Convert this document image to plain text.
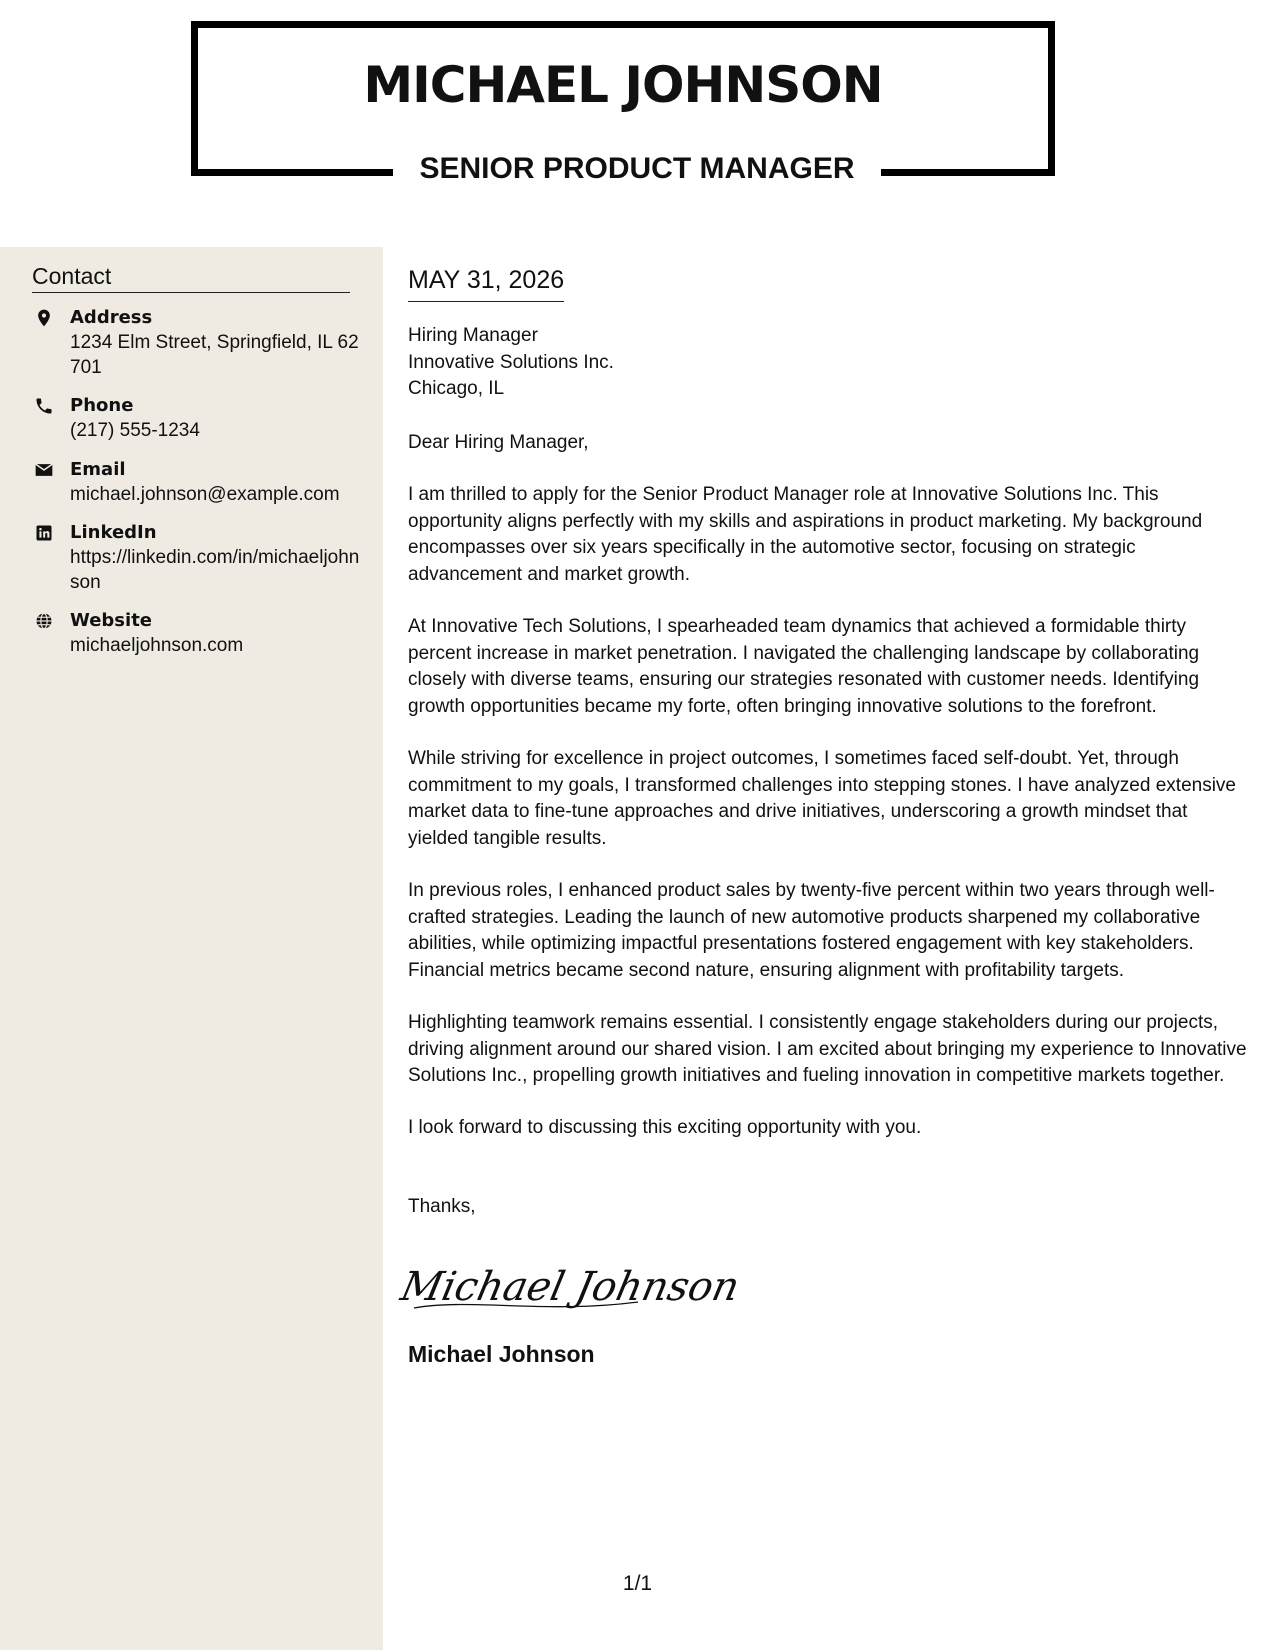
MICHAEL JOHNSON
SENIOR PRODUCT MANAGER
Contact
Address
1234 Elm Street, Springfield, IL 62701
Phone
(217) 555-1234
Email
michael.johnson@example.com
LinkedIn
https://linkedin.com/in/michaeljohnson
Website
michaeljohnson.com
MAY 31, 2026
Hiring Manager
Innovative Solutions Inc.
Chicago, IL
Dear Hiring Manager,

I am thrilled to apply for the Senior Product Manager role at Innovative Solutions Inc. This opportunity aligns perfectly with my skills and aspirations in product marketing. My background encompasses over six years specifically in the automotive sector, focusing on strategic advancement and market growth.

At Innovative Tech Solutions, I spearheaded team dynamics that achieved a formidable thirty percent increase in market penetration. I navigated the challenging landscape by collaborating closely with diverse teams, ensuring our strategies resonated with customer needs. Identifying growth opportunities became my forte, often bringing innovative solutions to the forefront.

While striving for excellence in project outcomes, I sometimes faced self-doubt. Yet, through commitment to my goals, I transformed challenges into stepping stones. I have analyzed extensive market data to fine-tune approaches and drive initiatives, underscoring a growth mindset that yielded tangible results.

In previous roles, I enhanced product sales by twenty-five percent within two years through well-crafted strategies. Leading the launch of new automotive products sharpened my collaborative abilities, while optimizing impactful presentations fostered engagement with key stakeholders. Financial metrics became second nature, ensuring alignment with profitability targets.

Highlighting teamwork remains essential. I consistently engage stakeholders during our projects, driving alignment around our shared vision. I am excited about bringing my experience to Innovative Solutions Inc., propelling growth initiatives and fueling innovation in competitive markets together.

I look forward to discussing this exciting opportunity with you.

Thanks,
Michael Johnson
Michael Johnson
1/1
